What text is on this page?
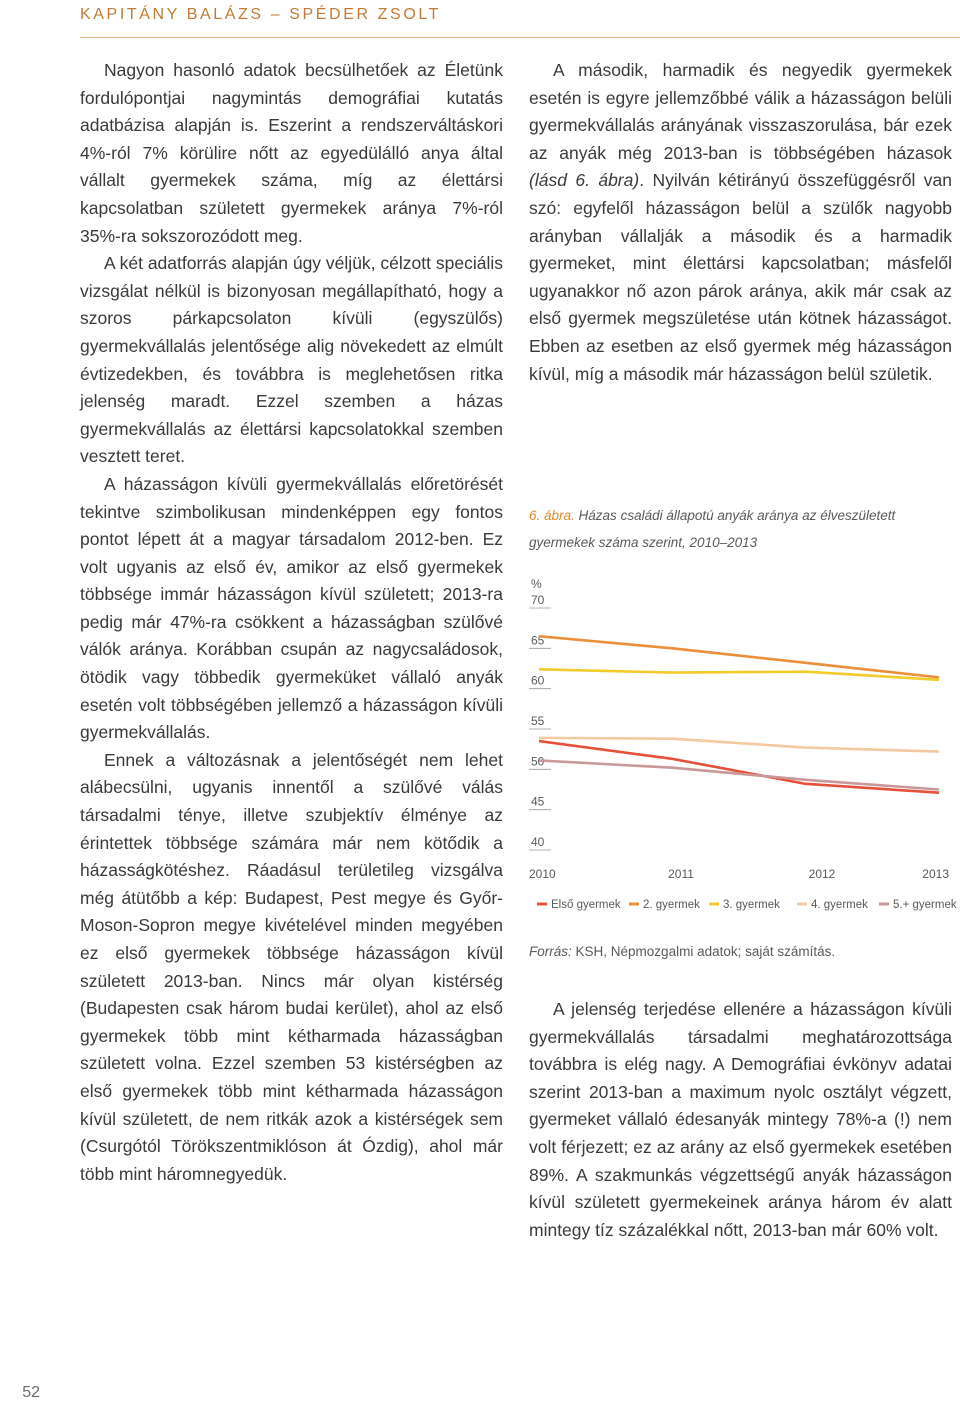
KAPITÁNY BALÁZS – SPÉDER ZSOLT

Nagyon hasonló adatok becsülhetőek az Életünk fordulópontjai nagymintás demográfiai kutatás adatbázisa alapján is. Eszerint a rendszerváltáskori 4%-ról 7% körülire nőtt az egyedülálló anya által vállalt gyermekek száma, míg az élettársi kapcsolatban született gyermekek aránya 7%-ról 35%-ra sokszorozódott meg.

A két adatforrás alapján úgy véljük, célzott speciális vizsgálat nélkül is bizonyosan megállapítható, hogy a szoros párkapcsolaton kívüli (egyszülős) gyermekvállalás jelentősége alig növekedett az elmúlt évtizedekben, és továbbra is meglehetősen ritka jelenség maradt. Ezzel szemben a házas gyermekvállalás az élettársi kapcsolatokkal szemben vesztett teret.

A házasságon kívüli gyermekvállalás előretörését tekintve szimbolikusan mindenképpen egy fontos pontot lépett át a magyar társadalom 2012-ben. Ez volt ugyanis az első év, amikor az első gyermekek többsége immár házasságon kívül született; 2013-ra pedig már 47%-ra csökkent a házasságban szülővé válók aránya. Korábban csupán az nagycsaládosok, ötödik vagy többedik gyermeküket vállaló anyák esetén volt többségében jellemző a házasságon kívüli gyermekvállalás.

Ennek a változásnak a jelentőségét nem lehet alábecsülni, ugyanis innentől a szülővé válás társadalmi ténye, illetve szubjektív élménye az érintettek többsége számára már nem kötődik a házasságkötéshez. Ráadásul területileg vizsgálva még átütőbb a kép: Budapest, Pest megye és Győr-Moson-Sopron megye kivételével minden megyében ez első gyermekek többsége házasságon kívül született 2013-ban. Nincs már olyan kistérség (Budapesten csak három budai kerület), ahol az első gyermekek több mint kétharmada házasságban született volna. Ezzel szemben 53 kistérségben az első gyermekek több mint kétharmada házasságon kívül született, de nem ritkák azok a kistérségek sem (Csurgótól Törökszentmiklóson át Ózdig), ahol már több mint háromnegyedük.

A második, harmadik és negyedik gyermekek esetén is egyre jellemzőbbé válik a házasságon belüli gyermekvállalás arányának visszaszorulása, bár ezek az anyák még 2013-ban is többségében házasok (lásd 6. ábra). Nyilván kétirányú összefüggésről van szó: egyfelől házasságon belül a szülők nagyobb arányban vállalják a második és a harmadik gyermeket, mint élettársi kapcsolatban; másfelől ugyanakkor nő azon párok aránya, akik már csak az első gyermek megszületése után kötnek házasságot. Ebben az esetben az első gyermek még házasságon kívül, míg a második már házasságon belül születik.

6. ábra. Házas családi állapotú anyák aránya az élveszületett gyermekek száma szerint, 2010–2013
%
70
65
60
55
50
45
40
2010	2011	2012	2013
Első gyermek 2. gyermek 3. gyermek	4. gyermek 5.+ gyermek
Forrás: KSH, Népmozgalmi adatok; saját számítás.

A jelenség terjedése ellenére a házasságon kívüli gyermekvállalás társadalmi meghatározottsága továbbra is elég nagy. A Demográfiai évkönyv adatai szerint 2013-ban a maximum nyolc osztályt végzett, gyermeket vállaló édesanyák mintegy 78%-a (!) nem volt férjezett; ez az arány az első gyermekek esetében 89%. A szakmunkás végzettségű anyák házasságon kívül született gyermekeinek aránya három év alatt mintegy tíz százalékkal nőtt, 2013-ban már 60% volt.

52
